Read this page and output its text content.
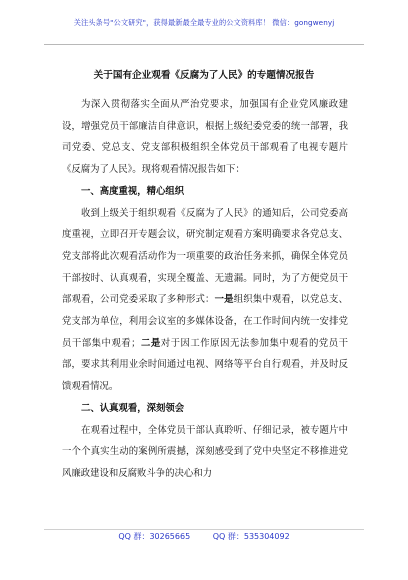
关注头条号"公文研究"，获得最新最全最专业的公文资料库！ 微信：gongwenyj
关于国有企业观看《反腐为了人民》的专题情况报告

为深入贯彻落实全面从严治党要求，加强国有企业党风廉政建设，增强党员干部廉洁自律意识，根据上级纪委党委的统一部署，我司党委、党总支、党支部积极组织全体党员干部观看了电视专题片《反腐为了人民》。现将观看情况报告如下：

一、高度重视，精心组织

收到上级关于组织观看《反腐为了人民》的通知后，公司党委高度重视，立即召开专题会议，研究制定观看方案明确要求各党总支、党支部将此次观看活动作为一项重要的政治任务来抓，确保全体党员干部按时、认真观看，实现全覆盖、无遗漏。同时，为了方便党员干部观看，公司党委采取了多种形式：一是组织集中观看，以党总支、党支部为单位，利用会议室的多媒体设备，在工作时间内统一安排党员干部集中观看；二是对于因工作原因无法参加集中观看的党员干部，要求其利用业余时间通过电视、网络等平台自行观看，并及时反馈观看情况。

二、认真观看，深刻领会

在观看过程中，全体党员干部认真聆听、仔细记录，被专题片中一个个真实生动的案例所震撼，深刻感受到了党中央坚定不移推进党风廉政建设和反腐败斗争的决心和力

QQ 群：30265665	QQ 群：535304092
